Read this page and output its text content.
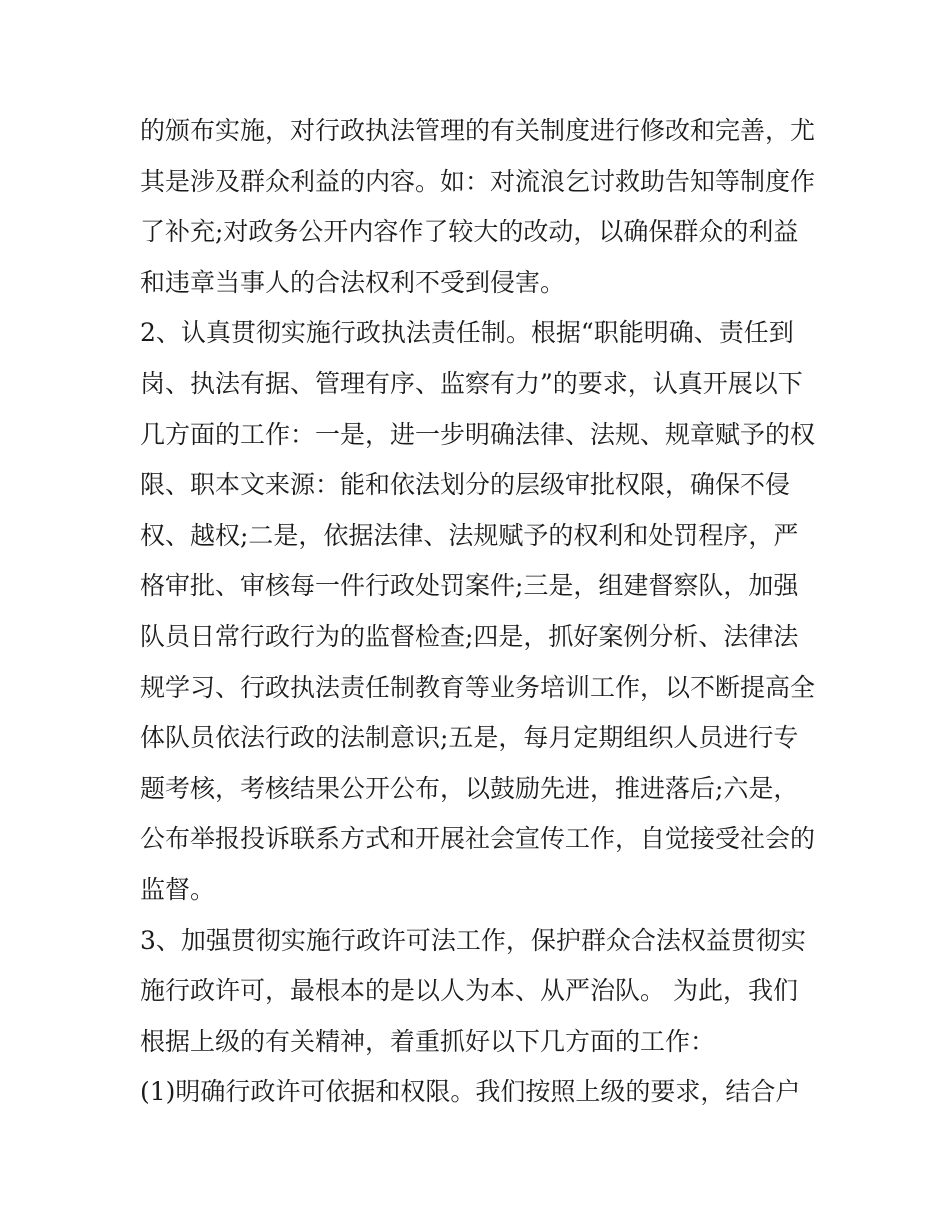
的颁布实施，对行政执法管理的有关制度进行修改和完善，尤
其是涉及群众利益的内容。如：对流浪乞讨救助告知等制度作
了补充;对政务公开内容作了较大的改动，以确保群众的利益
和违章当事人的合法权利不受到侵害。
2、认真贯彻实施行政执法责任制。根据“职能明确、责任到
岗、执法有据、管理有序、监察有力”的要求，认真开展以下
几方面的工作：一是，进一步明确法律、法规、规章赋予的权
限、职本文来源：能和依法划分的层级审批权限，确保不侵
权、越权;二是，依据法律、法规赋予的权利和处罚程序，严
格审批、审核每一件行政处罚案件;三是，组建督察队，加强
队员日常行政行为的监督检查;四是，抓好案例分析、法律法
规学习、行政执法责任制教育等业务培训工作，以不断提高全
体队员依法行政的法制意识;五是，每月定期组织人员进行专
题考核，考核结果公开公布，以鼓励先进，推进落后;六是，
公布举报投诉联系方式和开展社会宣传工作，自觉接受社会的
监督。
3、加强贯彻实施行政许可法工作，保护群众合法权益贯彻实
施行政许可，最根本的是以人为本、从严治队。 为此，我们
根据上级的有关精神，着重抓好以下几方面的工作：
(1)明确行政许可依据和权限。我们按照上级的要求，结合户
